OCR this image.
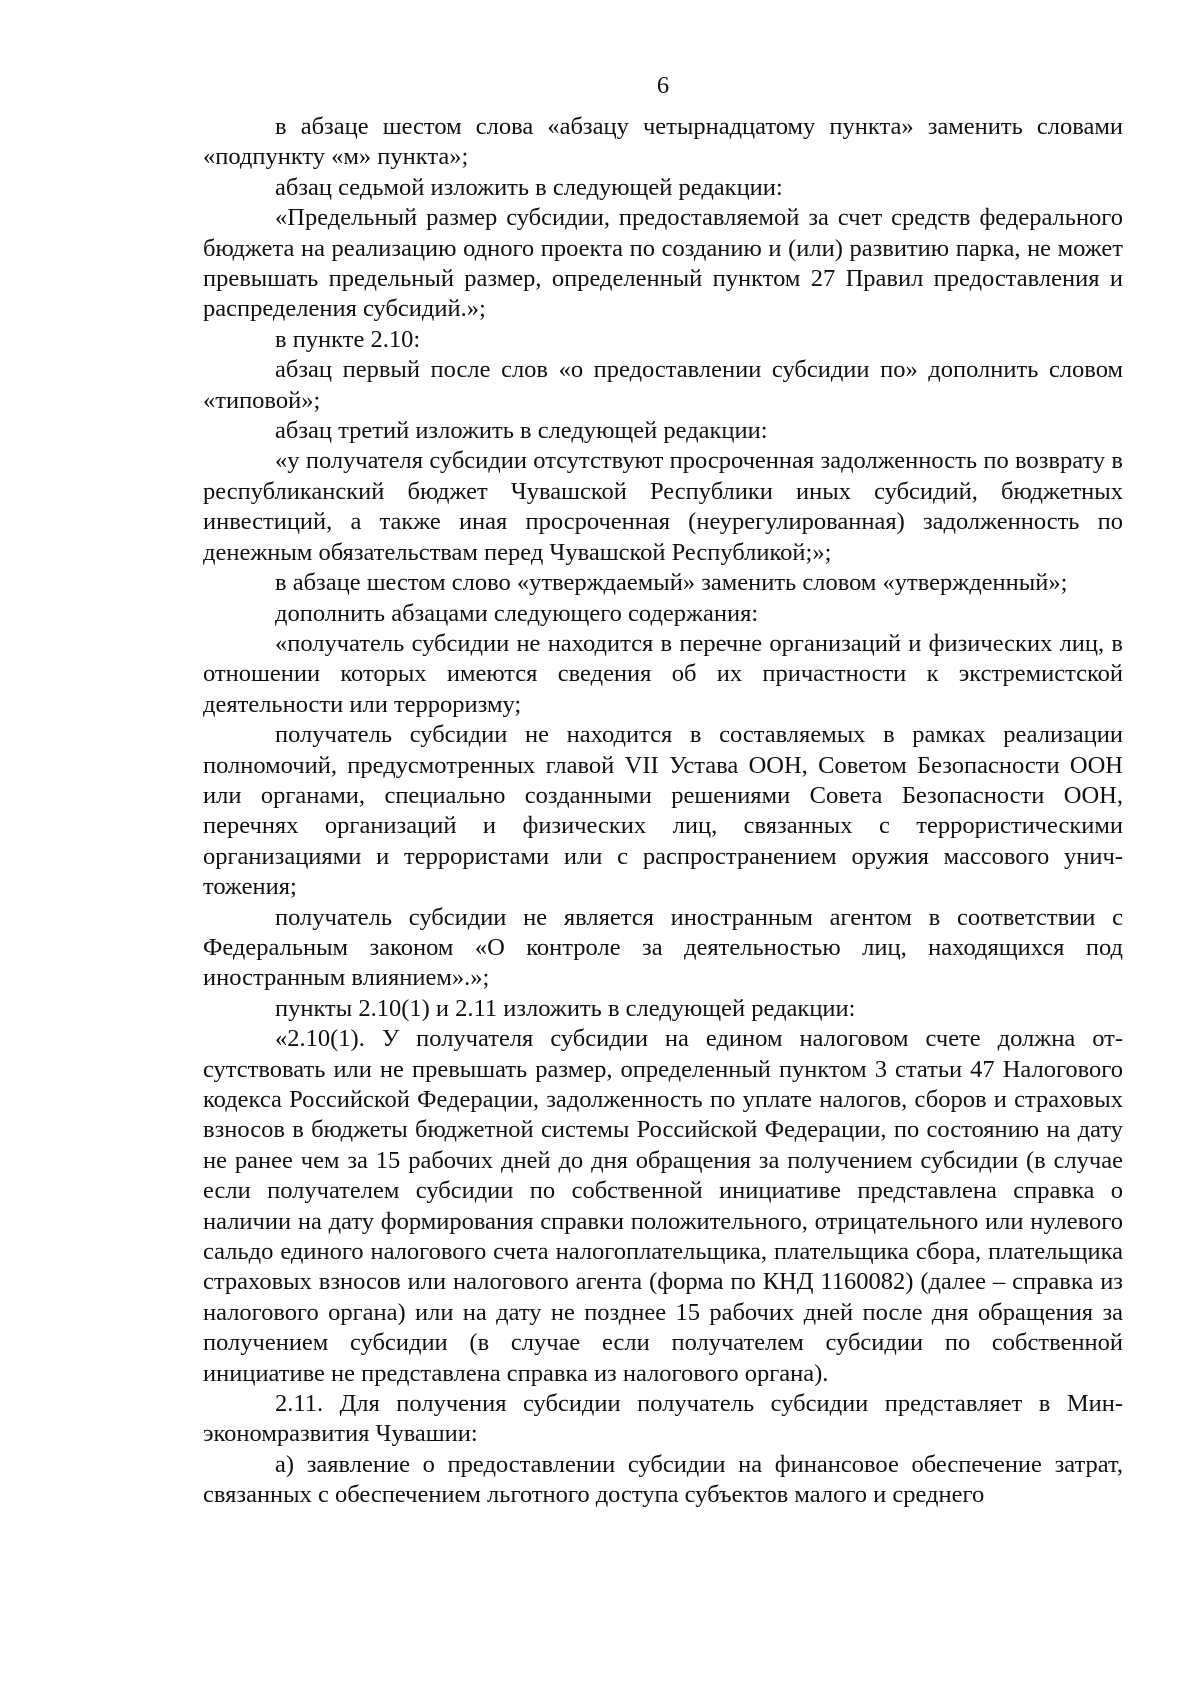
6

в абзаце шестом слова «абзацу четырнадцатому пункта» заменить словами «подпункту «м» пункта»;

абзац седьмой изложить в следующей редакции:

«Предельный размер субсидии, предоставляемой за счет средств федерального бюджета на реализацию одного проекта по созданию и (или) развитию парка, не может превышать предельный размер, определенный пунктом 27 Правил предоставления и распределения субсидий.»;

в пункте 2.10:

абзац первый после слов «о предоставлении субсидии по» дополнить словом «типовой»;

абзац третий изложить в следующей редакции:

«у получателя субсидии отсутствуют просроченная задолженность по возврату в республиканский бюджет Чувашской Республики иных субсидий, бюджетных инвестиций, а также иная просроченная (неурегулированная) задолженность по денежным обязательствам перед Чувашской Республикой;»;

в абзаце шестом слово «утверждаемый» заменить словом «утвержденный»;

дополнить абзацами следующего содержания:

«получатель субсидии не находится в перечне организаций и физических лиц, в отношении которых имеются сведения об их причастности к экстремистской деятельности или терроризму;

получатель субсидии не находится в составляемых в рамках реализации полномочий, предусмотренных главой VII Устава ООН, Советом Безопасности ООН или органами, специально созданными решениями Совета Безопасности ООН, перечнях организаций и физических лиц, связанных с террористическими организациями и террористами или с распространением оружия массового уничтожения;

получатель субсидии не является иностранным агентом в соответствии с Федеральным законом «О контроле за деятельностью лиц, находящихся под иностранным влиянием».»;

пункты 2.10(1) и 2.11 изложить в следующей редакции:

«2.10(1). У получателя субсидии на едином налоговом счете должна отсутствовать или не превышать размер, определенный пунктом 3 статьи 47 Налогового кодекса Российской Федерации, задолженность по уплате налогов, сборов и страховых взносов в бюджеты бюджетной системы Российской Федерации, по состоянию на дату не ранее чем за 15 рабочих дней до дня обращения за получением субсидии (в случае если получателем субсидии по собственной инициативе представлена справка о наличии на дату формирования справки положительного, отрицательного или нулевого сальдо единого налогового счета налогоплательщика, плательщика сбора, плательщика страховых взносов или налогового агента (форма по КНД 1160082) (далее – справка из налогового органа) или на дату не позднее 15 рабочих дней после дня обращения за получением субсидии (в случае если получателем субсидии по собственной инициативе не представлена справка из налогового органа).

2.11. Для получения субсидии получатель субсидии представляет в Минэкономразвития Чувашии:

а) заявление о предоставлении субсидии на финансовое обеспечение затрат, связанных с обеспечением льготного доступа субъектов малого и среднего
